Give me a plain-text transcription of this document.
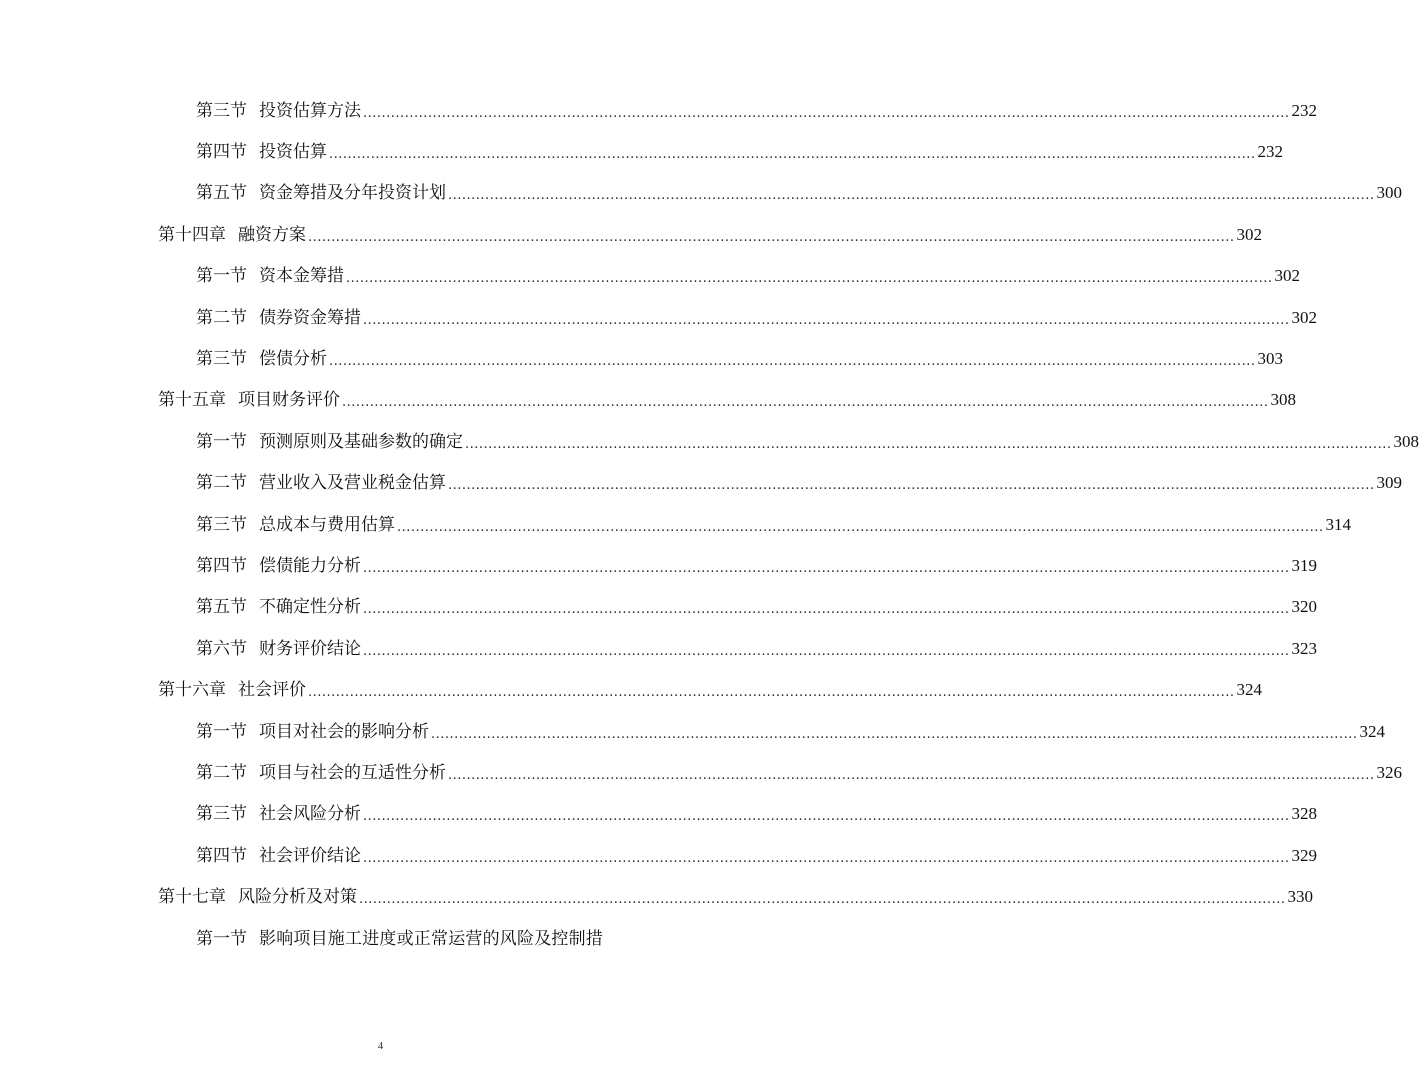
第三节 投资估算方法 ........................................................................................................................................................................................................ 232
第四节 投资估算 ........................................................................................................................................................................................................ 232
第五节 资金筹措及分年投资计划 ........................................................................................................................................................................................................ 300
第十四章 融资方案 ........................................................................................................................................................................................................ 302
第一节 资本金筹措 ........................................................................................................................................................................................................ 302
第二节 债券资金筹措 ........................................................................................................................................................................................................ 302
第三节 偿债分析 ........................................................................................................................................................................................................ 303
第十五章 项目财务评价 ........................................................................................................................................................................................................ 308
第一节 预测原则及基础参数的确定 ........................................................................................................................................................................................................ 308
第二节 营业收入及营业税金估算 ........................................................................................................................................................................................................ 309
第三节 总成本与费用估算 ........................................................................................................................................................................................................ 314
第四节 偿债能力分析 ........................................................................................................................................................................................................ 319
第五节 不确定性分析 ........................................................................................................................................................................................................ 320
第六节 财务评价结论 ........................................................................................................................................................................................................ 323
第十六章 社会评价 ........................................................................................................................................................................................................ 324
第一节 项目对社会的影响分析 ........................................................................................................................................................................................................ 324
第二节 项目与社会的互适性分析 ........................................................................................................................................................................................................ 326
第三节 社会风险分析 ........................................................................................................................................................................................................ 328
第四节 社会评价结论 ........................................................................................................................................................................................................ 329
第十七章 风险分析及对策 ........................................................................................................................................................................................................ 330
第一节 影响项目施工进度或正常运营的风险及控制措
4
